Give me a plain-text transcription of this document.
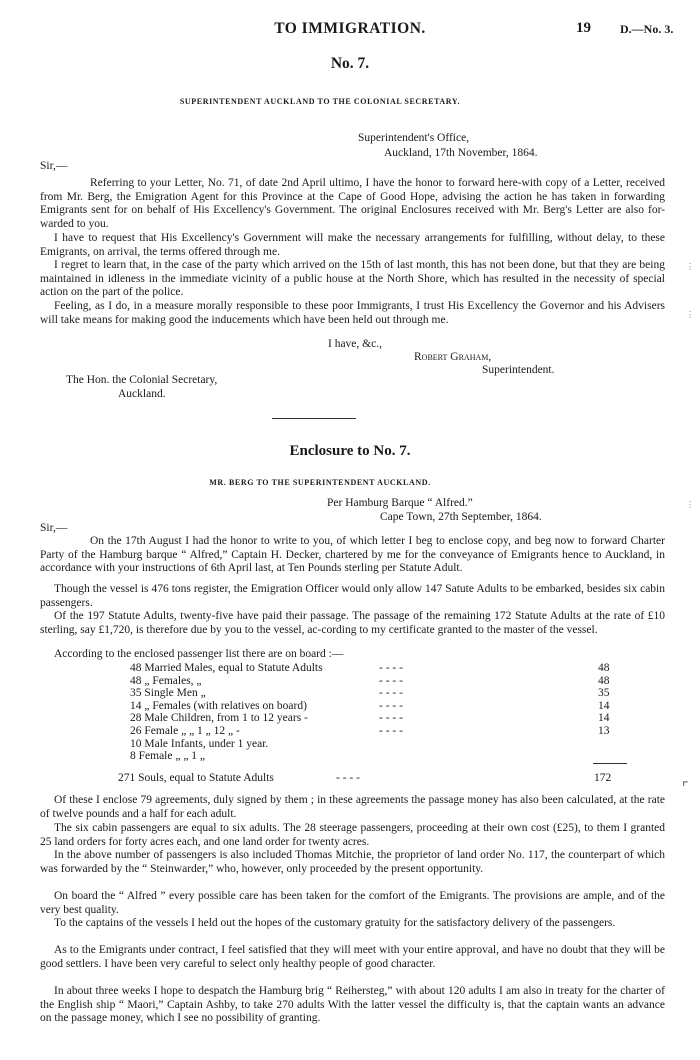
TO IMMIGRATION.	19 D.—No. 3.
No. 7.
SUPERINTENDENT AUCKLAND TO THE COLONIAL SECRETARY.
Superintendent's Office,
Auckland, 17th November, 1864.
Sir,—
Referring to your Letter, No. 71, of date 2nd April ultimo, I have the honor to forward here-with copy of a Letter, received from Mr. Berg, the Emigration Agent for this Province at the Cape of Good Hope, advising the action he has taken in forwarding Emigrants sent for on behalf of His Excellency's Government. The original Enclosures received with Mr. Berg's Letter are also for-warded to you.
I have to request that His Excellency's Government will make the necessary arrangements for fulfilling, without delay, to these Emigrants, on arrival, the terms offered through me.
I regret to learn that, in the case of the party which arrived on the 15th of last month, this has not been done, but that they are being maintained in idleness in the immediate vicinity of a public house at the North Shore, which has resulted in the necessity of special action on the part of the police.
Feeling, as I do, in a measure morally responsible to these poor Immigrants, I trust His Excellency the Governor and his Advisers will take means for making good the inducements which have been held out through me.
I have, &c.,
Robert Graham,
Superintendent.
The Hon. the Colonial Secretary,
Auckland.
Enclosure to No. 7.
MR. BERG TO THE SUPERINTENDENT AUCKLAND.
Per Hamburg Barque “ Alfred.”
Cape Town, 27th September, 1864.
Sir,—
On the 17th August I had the honor to write to you, of which letter I beg to enclose copy, and beg now to forward Charter Party of the Hamburg barque “ Alfred,” Captain H. Decker, chartered by me for the conveyance of Emigrants hence to Auckland, in accordance with your instructions of 6th April last, at Ten Pounds sterling per Statute Adult.
Though the vessel is 476 tons register, the Emigration Officer would only allow 147 Satute Adults to be embarked, besides six cabin passengers.
Of the 197 Statute Adults, twenty-five have paid their passage. The passage of the remaining 172 Statute Adults at the rate of £10 sterling, say £1,720, is therefore due by you to the vessel, ac-cording to my certificate granted to the master of the vessel.
According to the enclosed passenger list there are on board :—
48 Married Males, equal to Statute Adults	- - - -	48
48 „ Females, „	- - - -	48
35 Single Men „	- - - -	35
14 „ Females (with relatives on board)	- - - -	14
28 Male Children, from 1 to 12 years -	- - - -	14
26 Female „ „ 1 „ 12 „ -	- - - -	13
10 Male Infants, under 1 year.
8 Female „ „ 1 „
271 Souls, equal to Statute Adults	- - - -	172
Of these I enclose 79 agreements, duly signed by them ; in these agreements the passage money has also been calculated, at the rate of twelve pounds and a half for each adult.
The six cabin passengers are equal to six adults. The 28 steerage passengers, proceeding at their own cost (£25), to them I granted 25 land orders for forty acres each, and one land order for twenty acres.
In the above number of passengers is also included Thomas Mitchie, the proprietor of land order No. 117, the counterpart of which was forwarded by the “ Steinwarder,” who, however, only proceeded by the present opportunity.
On board the “ Alfred ” every possible care has been taken for the comfort of the Emigrants. The provisions are ample, and of the very best quality.
To the captains of the vessels I held out the hopes of the customary gratuity for the satisfactory delivery of the passengers.
As to the Emigrants under contract, I feel satisfied that they will meet with your entire approval, and have no doubt that they will be good settlers. I have been very careful to select only healthy people of good character.
In about three weeks I hope to despatch the Hamburg brig “ Reihersteg,” with about 120 adults I am also in treaty for the charter of the English ship “ Maori,” Captain Ashby, to take 270 adults With the latter vessel the difficulty is, that the captain wants an advance on the passage money, which I see no possibility of granting.
⋮
⋮
⋮
⌜
